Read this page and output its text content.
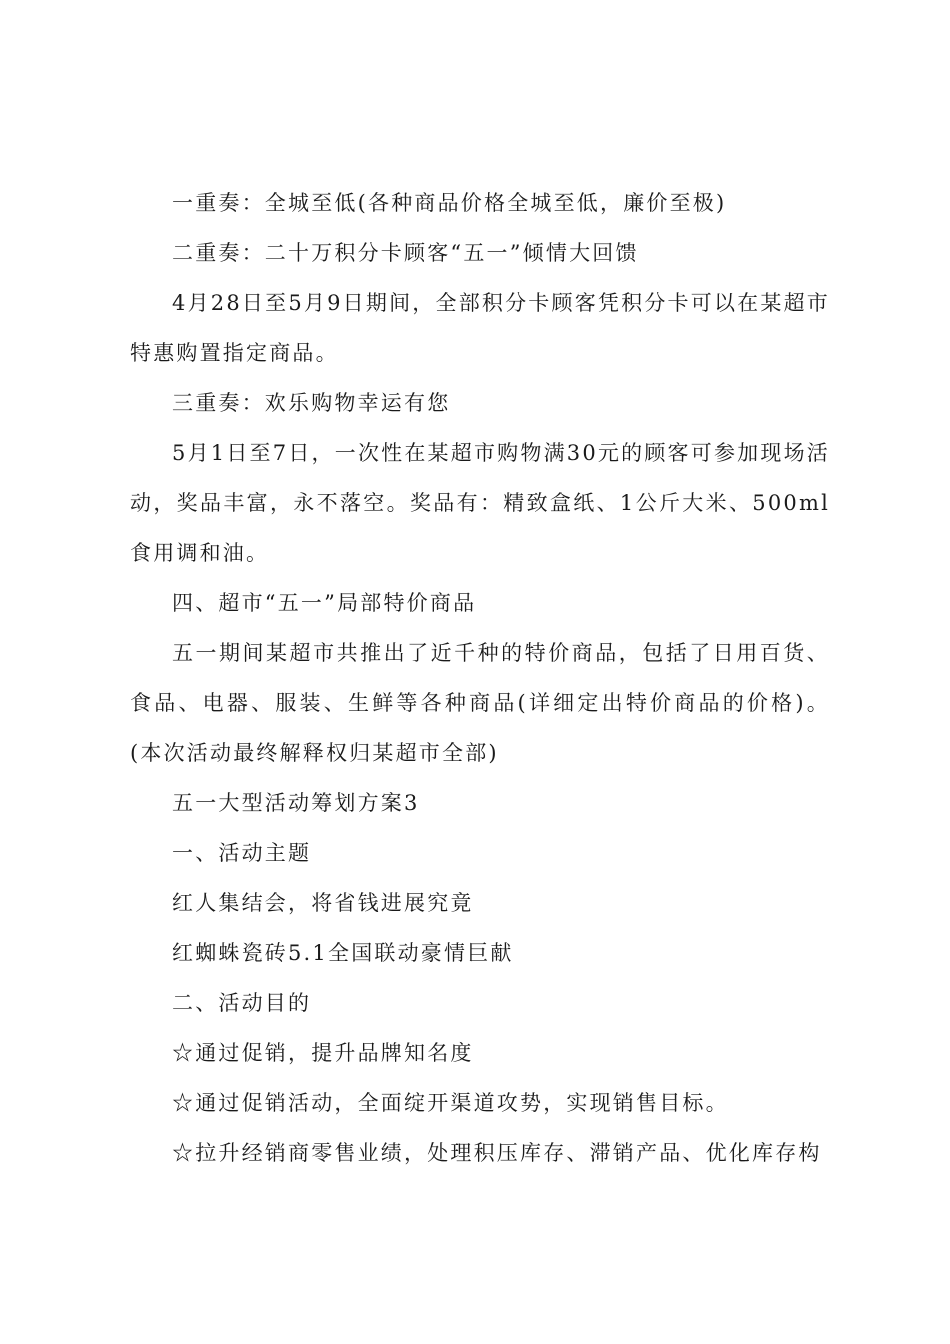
一重奏：全城至低(各种商品价格全城至低，廉价至极)

二重奏：二十万积分卡顾客“五一”倾情大回馈

4月28日至5月9日期间，全部积分卡顾客凭积分卡可以在某超市特惠购置指定商品。

三重奏：欢乐购物幸运有您

5月1日至7日，一次性在某超市购物满30元的顾客可参加现场活动，奖品丰富，永不落空。奖品有：精致盒纸、1公斤大米、500ml食用调和油。

四、超市“五一”局部特价商品

五一期间某超市共推出了近千种的特价商品，包括了日用百货、食品、电器、服装、生鲜等各种商品(详细定出特价商品的价格)。(本次活动最终解释权归某超市全部)

五一大型活动筹划方案3

一、活动主题

红人集结会，将省钱进展究竟

红蜘蛛瓷砖5.1全国联动豪情巨献

二、活动目的

☆通过促销，提升品牌知名度

☆通过促销活动，全面绽开渠道攻势，实现销售目标。

☆拉升经销商零售业绩，处理积压库存、滞销产品、优化库存构
